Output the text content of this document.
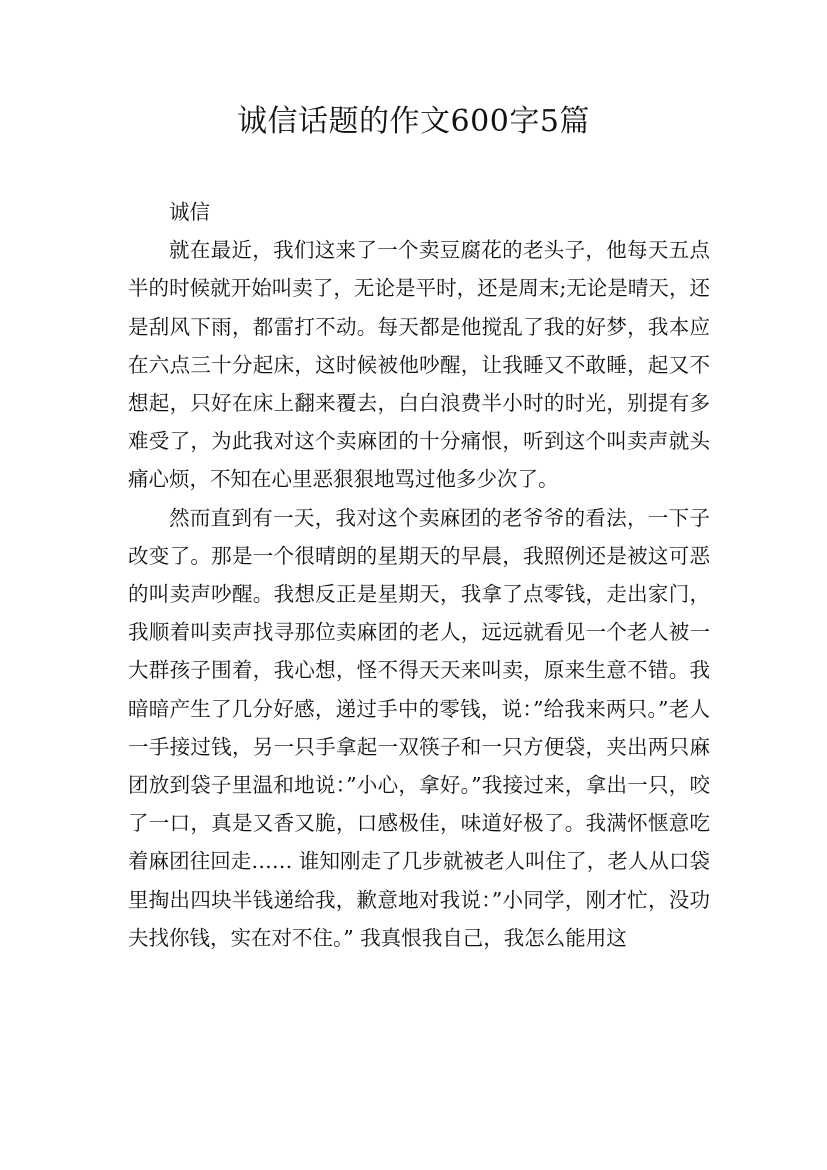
诚信话题的作文600字5篇

诚信

就在最近，我们这来了一个卖豆腐花的老头子，他每天五点半的时候就开始叫卖了，无论是平时，还是周末;无论是晴天，还是刮风下雨，都雷打不动。每天都是他搅乱了我的好梦，我本应在六点三十分起床，这时候被他吵醒，让我睡又不敢睡，起又不想起，只好在床上翻来覆去，白白浪费半小时的时光，别提有多难受了，为此我对这个卖麻团的十分痛恨，听到这个叫卖声就头痛心烦，不知在心里恶狠狠地骂过他多少次了。

然而直到有一天，我对这个卖麻团的老爷爷的看法，一下子改变了。那是一个很晴朗的星期天的早晨，我照例还是被这可恶的叫卖声吵醒。我想反正是星期天，我拿了点零钱，走出家门，我顺着叫卖声找寻那位卖麻团的老人，远远就看见一个老人被一大群孩子围着，我心想，怪不得天天来叫卖，原来生意不错。我暗暗产生了几分好感，递过手中的零钱，说：”给我来两只。”老人一手接过钱，另一只手拿起一双筷子和一只方便袋，夹出两只麻团放到袋子里温和地说：”小心，拿好。”我接过来，拿出一只，咬了一口，真是又香又脆，口感极佳，味道好极了。我满怀惬意吃着麻团往回走…… 谁知刚走了几步就被老人叫住了，老人从口袋里掏出四块半钱递给我，歉意地对我说：”小同学，刚才忙，没功夫找你钱，实在对不住。” 我真恨我自己，我怎么能用这
